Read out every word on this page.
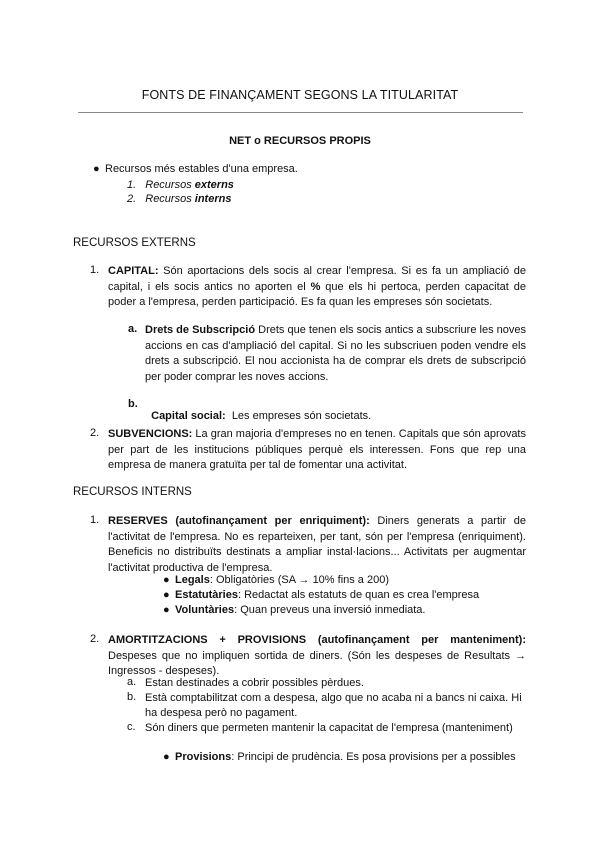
FONTS DE FINANÇAMENT SEGONS LA TITULARITAT
NET o RECURSOS PROPIS
● Recursos més estables d'una empresa.
1. Recursos externs
2. Recursos interns
RECURSOS EXTERNS
1. CAPITAL: Són aportacions dels socis al crear l'empresa. Si es fa un ampliació de capital, i els socis antics no aporten el % que els hi pertoca, perden capacitat de poder a l'empresa, perden participació. Es fa quan les empreses són societats.
a. Drets de Subscripció Drets que tenen els socis antics a subscriure les noves accions en cas d'ampliació del capital. Si no les subscriuen poden vendre els drets a subscripció. El nou accionista ha de comprar els drets de subscripció per poder comprar les noves accions.
b.

Capital social:  Les empreses són societats.

2. SUBVENCIONS: La gran majoria d'empreses no en tenen. Capitals que són aprovats per part de les institucions públiques perquè els interessen. Fons que rep una empresa de manera gratuïta per tal de fomentar una activitat.
RECURSOS INTERNS
1. RESERVES (autofinançament per enriquiment): Diners generats a partir de l'activitat de l'empresa. No es reparteixen, per tant, són per l'empresa (enriquiment). Beneficis no distribuïts destinats a ampliar instal·lacions... Activitats per augmentar l'activitat productiva de l'empresa.
● Legals: Obligatòries (SA → 10% fins a 200)
● Estatutàries: Redactat als estatuts de quan es crea l'empresa
● Voluntàries: Quan preveus una inversió inmediata.
2. AMORTITZACIONS + PROVISIONS (autofinançament per manteniment): Despeses que no impliquen sortida de diners. (Són les despeses de Resultats → Ingressos - despeses).
a. Estan destinades a cobrir possibles pèrdues.
b. Està comptabilitzat com a despesa, algo que no acaba ni a bancs ni caixa. Hi ha despesa però no pagament.
c. Són diners que permeten mantenir la capacitat de l'empresa (manteniment)
● Provisions: Principi de prudència. Es posa provisions per a possibles
